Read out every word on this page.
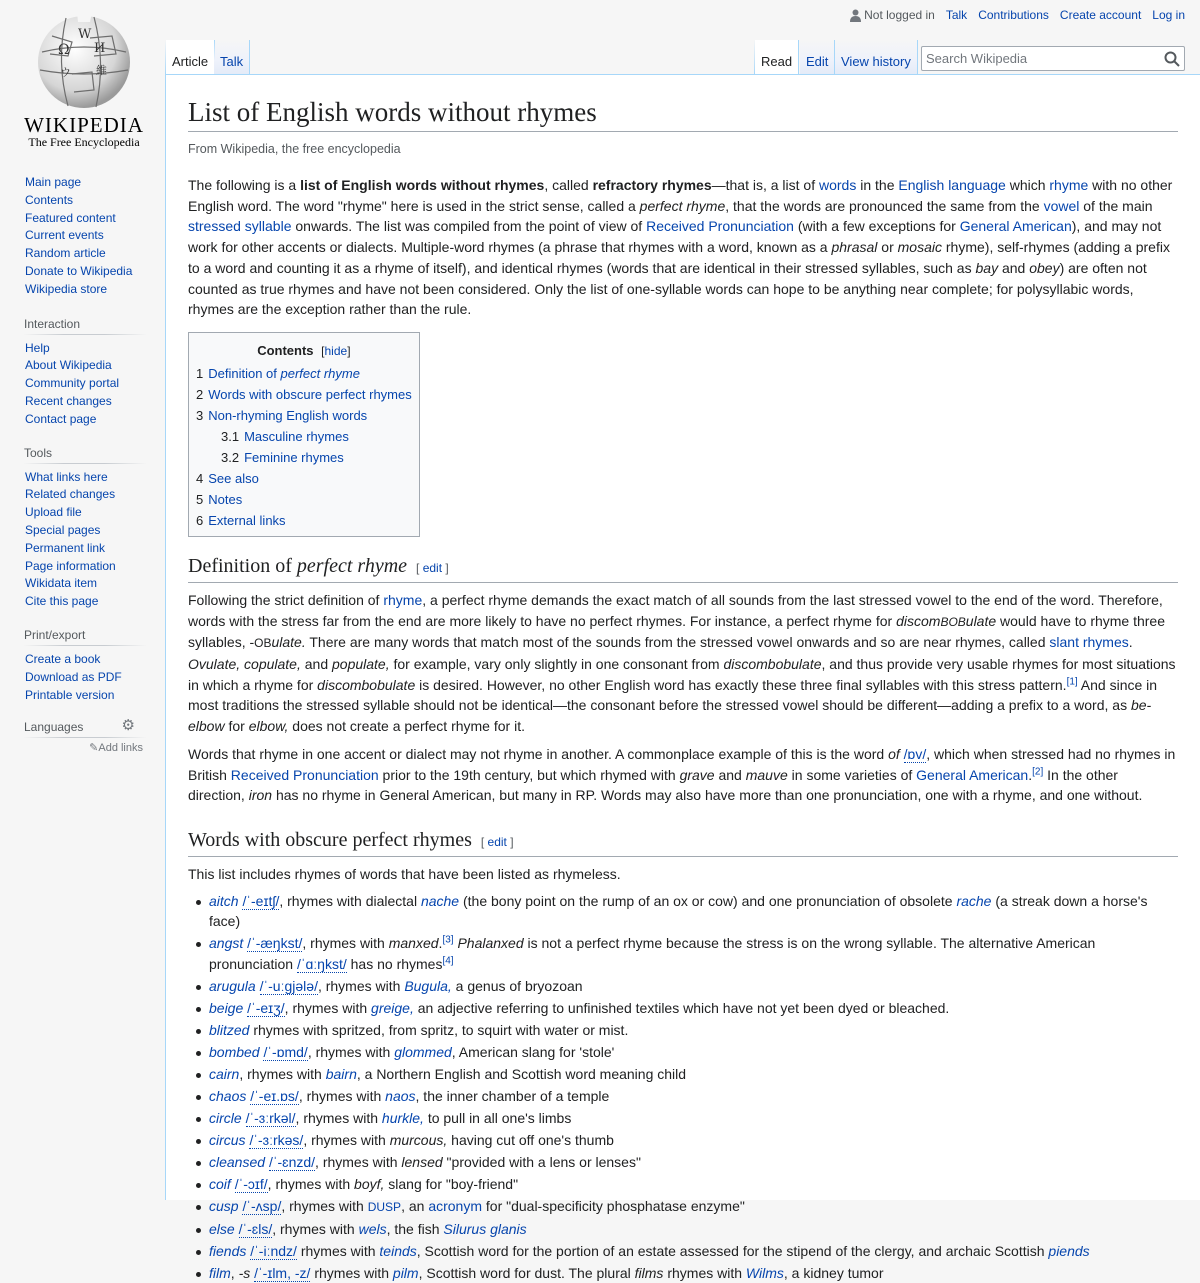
Ω И
W
維
ウ
WIKIPEDIA
The Free Encyclopedia
Not logged in Talk Contributions Create account Log in
Article Talk	Read	Edit View history
Search Wikipedia
Main page
Contents
Featured content
Current events
Random article
Donate to Wikipedia
Wikipedia store
Interaction
Help
About Wikipedia
Community portal
Recent changes
Contact page
Tools
What links here
Related changes
Upload file
Special pages
Permanent link
Page information
Wikidata item
Cite this page
Print/export
Create a book
Download as PDF
Printable version
Languages	⚙
✎Add links
List of English words without rhymes
From Wikipedia, the free encyclopedia

The following is a list of English words without rhymes, called refractory rhymes—that is, a list of words in the English language which rhyme with no other English word. The word "rhyme" here is used in the strict sense, called a perfect rhyme, that the words are pronounced the same from the vowel of the main stressed syllable onwards. The list was compiled from the point of view of Received Pronunciation (with a few exceptions for General American), and may not work for other accents or dialects. Multiple-word rhymes (a phrase that rhymes with a word, known as a phrasal or mosaic rhyme), self-rhymes (adding a prefix to a word and counting it as a rhyme of itself), and identical rhymes (words that are identical in their stressed syllables, such as bay and obey) are often not counted as true rhymes and have not been considered. Only the list of one-syllable words can hope to be anything near complete; for polysyllabic words, rhymes are the exception rather than the rule.

Contents [hide]
1 Definition of perfect rhyme
2 Words with obscure perfect rhymes
3 Non-rhyming English words
3.1 Masculine rhymes
3.2 Feminine rhymes
4 See also
5 Notes
6 External links
Definition of perfect rhyme [ edit ]

Following the strict definition of rhyme, a perfect rhyme demands the exact match of all sounds from the last stressed vowel to the end of the word. Therefore, words with the stress far from the end are more likely to have no perfect rhymes. For instance, a perfect rhyme for discomBOBulate would have to rhyme three syllables, -OBulate. There are many words that match most of the sounds from the stressed vowel onwards and so are near rhymes, called slant rhymes. Ovulate, copulate, and populate, for example, vary only slightly in one consonant from discombobulate, and thus provide very usable rhymes for most situations in which a rhyme for discombobulate is desired. However, no other English word has exactly these three final syllables with this stress pattern.[1] And since in most traditions the stressed syllable should not be identical—the consonant before the stressed vowel should be different—adding a prefix to a word, as be-elbow for elbow, does not create a perfect rhyme for it.

Words that rhyme in one accent or dialect may not rhyme in another. A commonplace example of this is the word of /ɒv/, which when stressed had no rhymes in British Received Pronunciation prior to the 19th century, but which rhymed with grave and mauve in some varieties of General American.[2] In the other direction, iron has no rhyme in General American, but many in RP. Words may also have more than one pronunciation, one with a rhyme, and one without.

Words with obscure perfect rhymes [ edit ]

This list includes rhymes of words that have been listed as rhymeless.

aitch /ˈ-eɪtʃ/, rhymes with dialectal nache (the bony point on the rump of an ox or cow) and one pronunciation of obsolete rache (a streak down a horse's face)
angst /ˈ-æŋkst/, rhymes with manxed.[3] Phalanxed is not a perfect rhyme because the stress is on the wrong syllable. The alternative American pronunciation /ˈɑːŋkst/ has no rhymes[4]
arugula /ˈ-uːɡjələ/, rhymes with Bugula, a genus of bryozoan
beige /ˈ-eɪʒ/, rhymes with greige, an adjective referring to unfinished textiles which have not yet been dyed or bleached.
blitzed rhymes with spritzed, from spritz, to squirt with water or mist.
bombed /ˈ-ɒmd/, rhymes with glommed, American slang for 'stole'
cairn, rhymes with bairn, a Northern English and Scottish word meaning child
chaos /ˈ-eɪ.ɒs/, rhymes with naos, the inner chamber of a temple
circle /ˈ-ɜːrkəl/, rhymes with hurkle, to pull in all one's limbs
circus /ˈ-ɜːrkəs/, rhymes with murcous, having cut off one's thumb
cleansed /ˈ-ɛnzd/, rhymes with lensed "provided with a lens or lenses"
coif /ˈ-ɔɪf/, rhymes with boyf, slang for "boy-friend"
cusp /ˈ-ʌsp/, rhymes with DUSP, an acronym for "dual-specificity phosphatase enzyme"
else /ˈ-ɛls/, rhymes with wels, the fish Silurus glanis
fiends /ˈ-iːndz/ rhymes with teinds, Scottish word for the portion of an estate assessed for the stipend of the clergy, and archaic Scottish piends
film, -s /ˈ-ɪlm, -z/ rhymes with pilm, Scottish word for dust. The plural films rhymes with Wilms, a kidney tumor
